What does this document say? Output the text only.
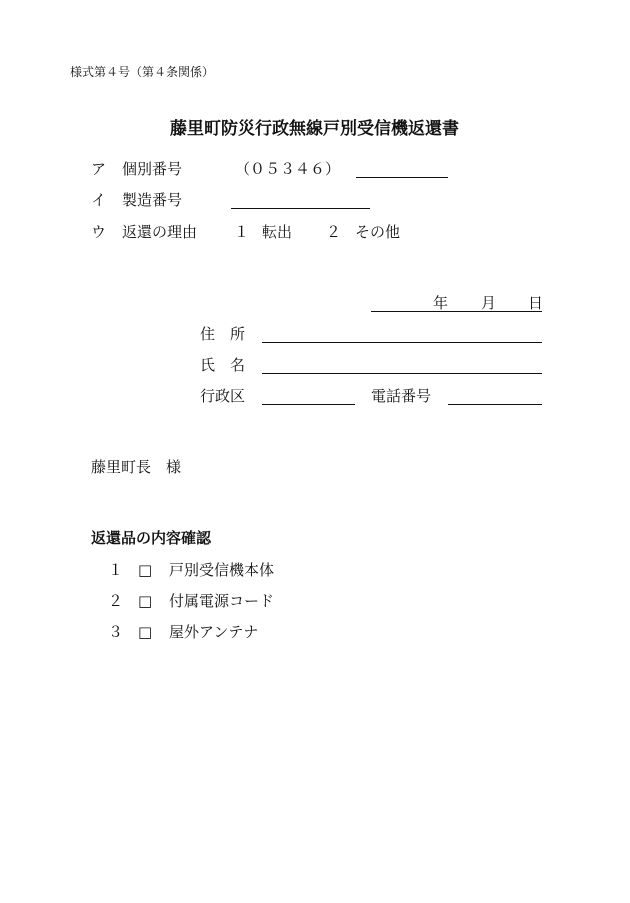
様式第４号（第４条関係）
藤里町防災行政無線戸別受信機返還書
ア 個別番号	（０５３４６）
イ 製造番号
ウ 返還の理由 １ 転出 ２ その他
年 月 日
住　所
氏　名
行政区	電話番号
藤里町長　様
返還品の内容確認
１ □ 戸別受信機本体
２ □ 付属電源コード
３ □ 屋外アンテナ
